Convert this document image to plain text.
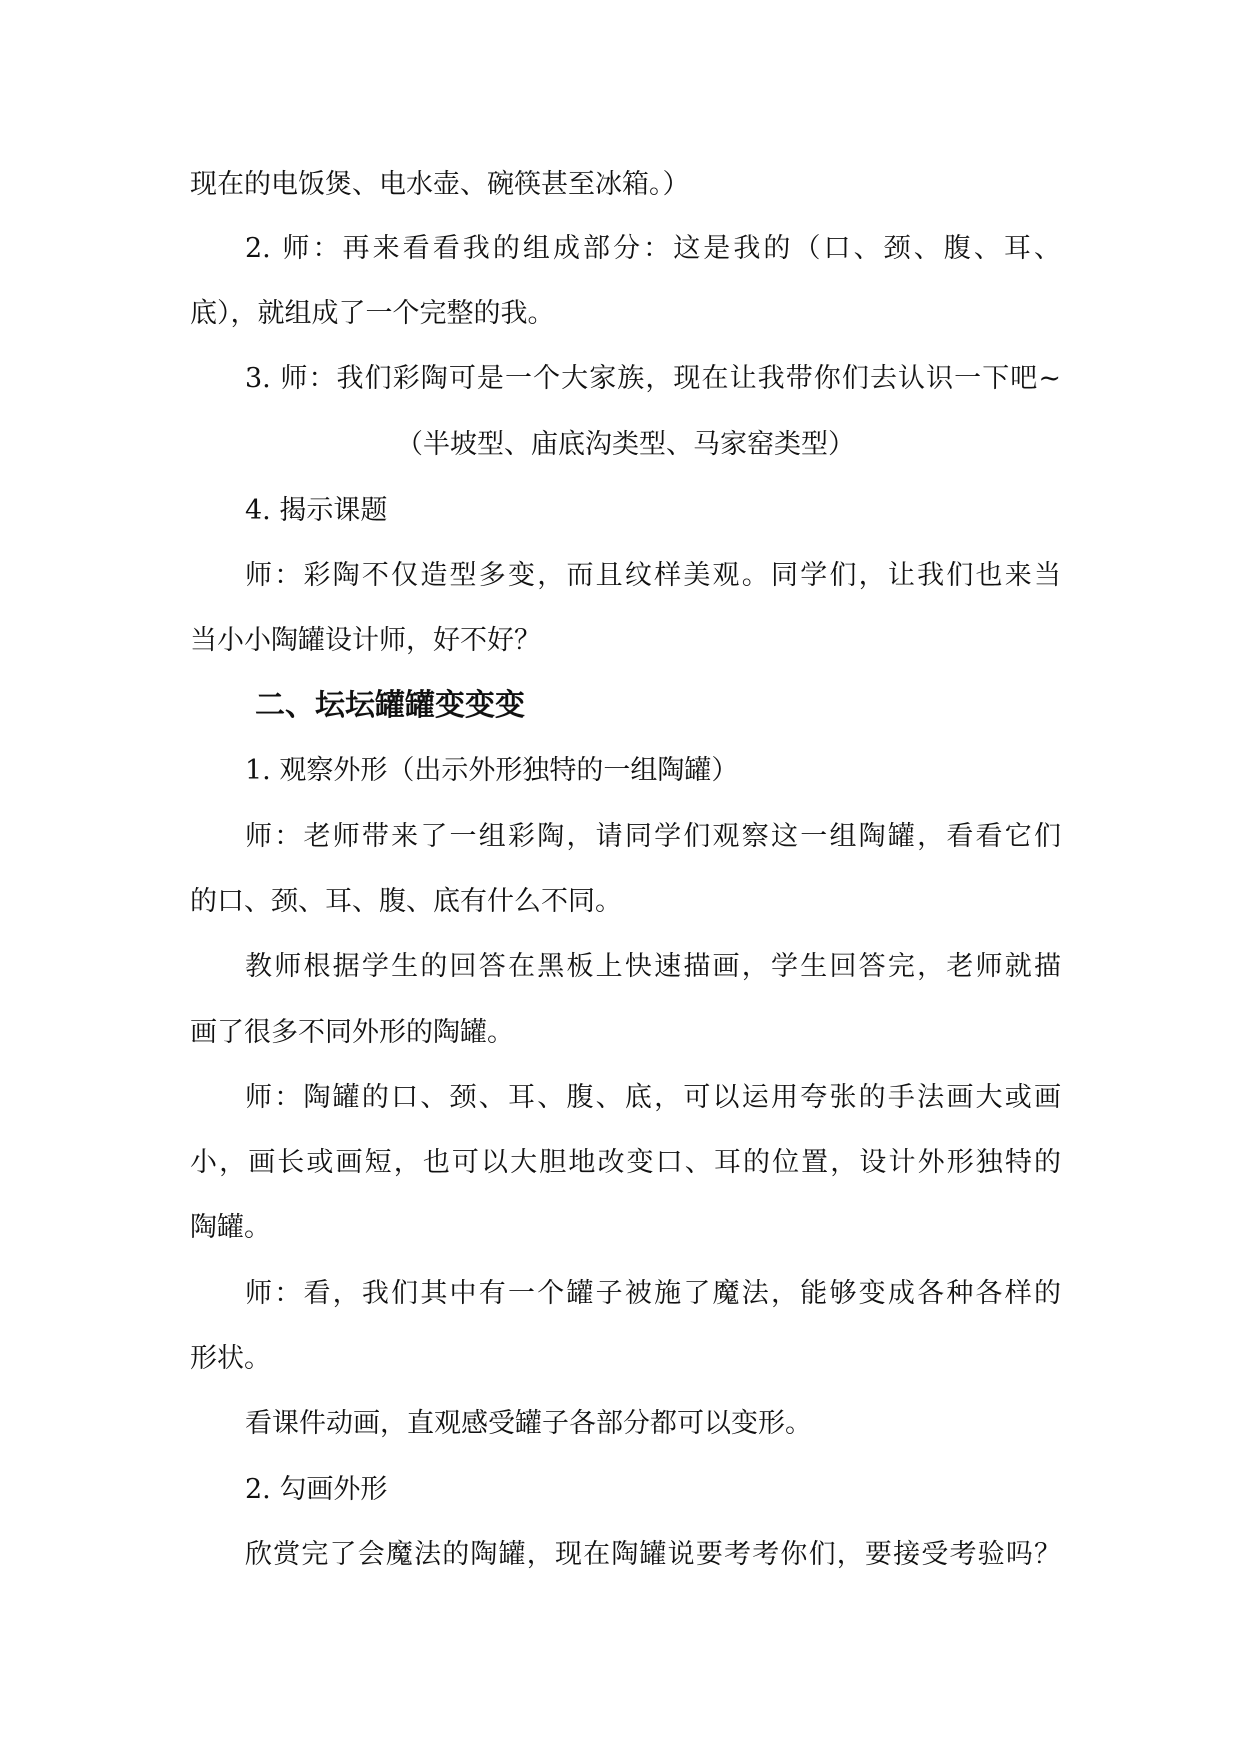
现在的电饭煲、电水壶、碗筷甚至冰箱。）
2. 师：再来看看我的组成部分：这是我的（口、颈、腹、耳、
底），就组成了一个完整的我。
3. 师：我们彩陶可是一个大家族，现在让我带你们去认识一下吧~
（半坡型、庙底沟类型、马家窑类型）
4. 揭示课题
师：彩陶不仅造型多变，而且纹样美观。同学们，让我们也来当
当小小陶罐设计师，好不好？
二、坛坛罐罐变变变
1. 观察外形（出示外形独特的一组陶罐）
师：老师带来了一组彩陶，请同学们观察这一组陶罐，看看它们
的口、颈、耳、腹、底有什么不同。
教师根据学生的回答在黑板上快速描画，学生回答完，老师就描
画了很多不同外形的陶罐。
师：陶罐的口、颈、耳、腹、底，可以运用夸张的手法画大或画
小，画长或画短，也可以大胆地改变口、耳的位置，设计外形独特的
陶罐。
师：看，我们其中有一个罐子被施了魔法，能够变成各种各样的
形状。
看课件动画，直观感受罐子各部分都可以变形。
2. 勾画外形
欣赏完了会魔法的陶罐，现在陶罐说要考考你们，要接受考验吗？
